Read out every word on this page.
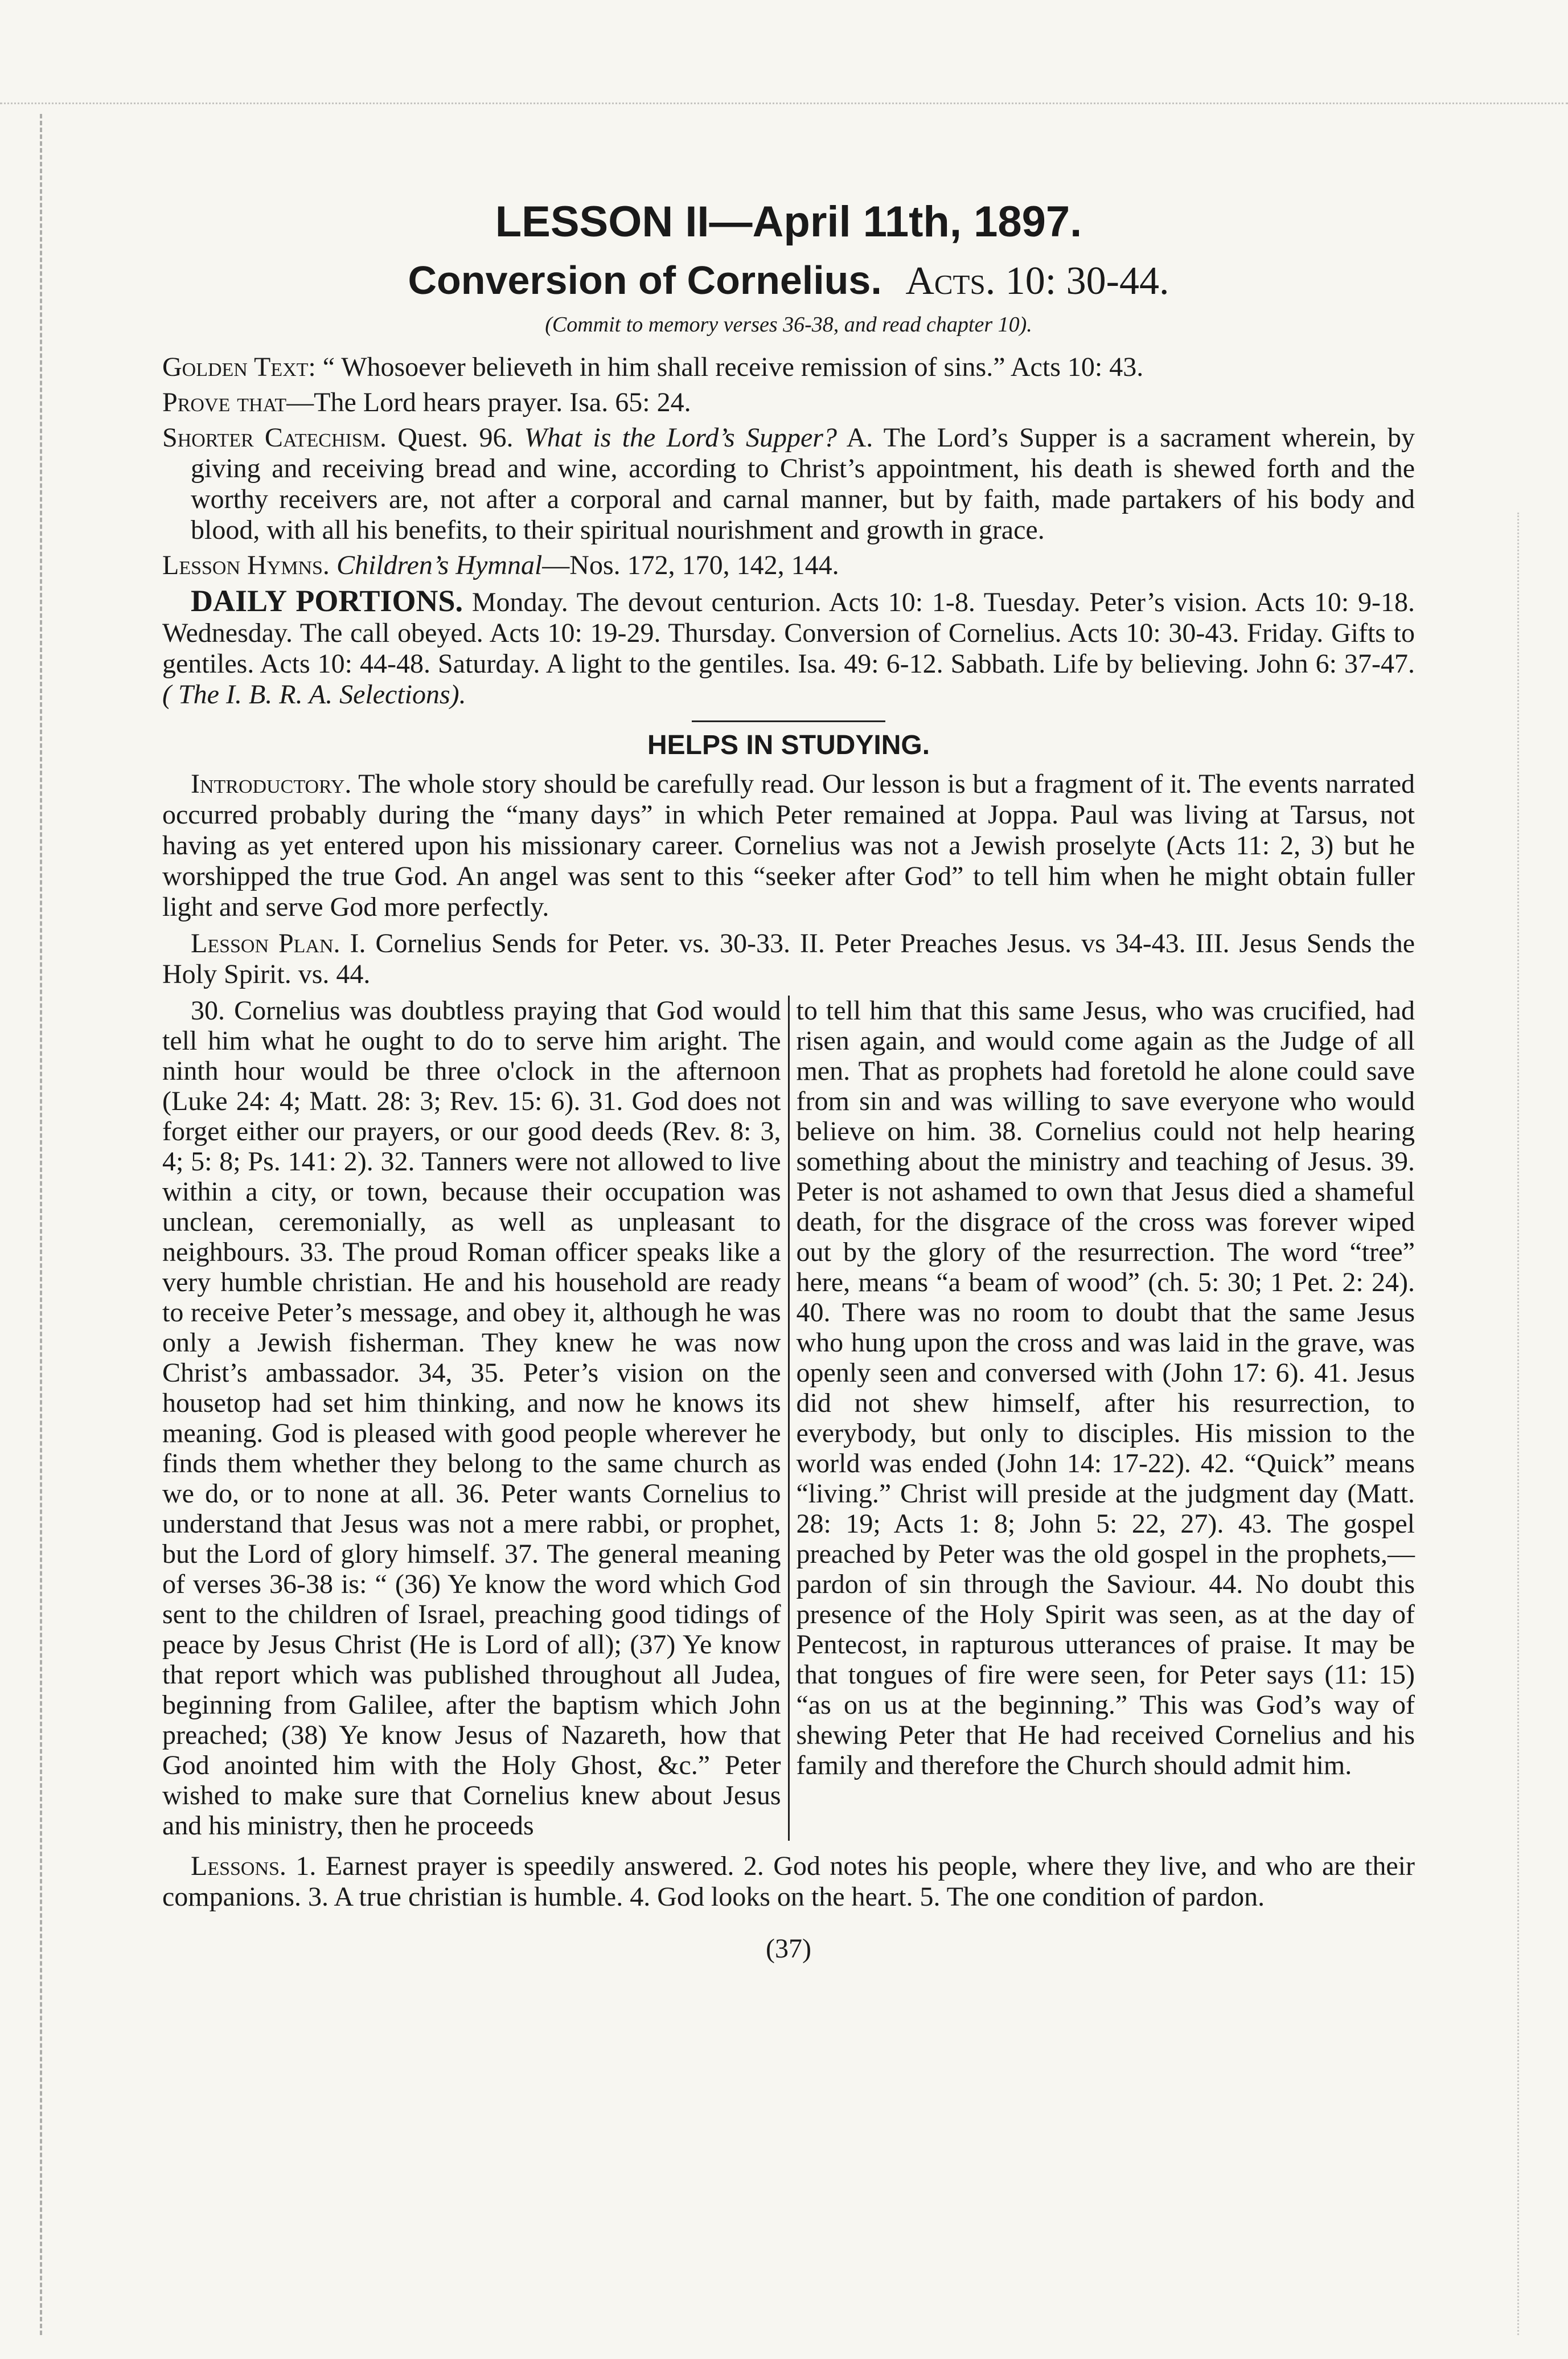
LESSON II—April 11th, 1897.
Conversion of Cornelius. Acts. 10: 30-44.
(Commit to memory verses 36-38, and read chapter 10).

Golden Text: “ Whosoever believeth in him shall receive remission of sins.” Acts 10: 43.

Prove that—The Lord hears prayer. Isa. 65: 24.

Shorter Catechism. Quest. 96. What is the Lord’s Supper? A. The Lord’s Supper is a sacrament wherein, by giving and receiving bread and wine, according to Christ’s appointment, his death is shewed forth and the worthy receivers are, not after a corporal and carnal manner, but by faith, made partakers of his body and blood, with all his benefits, to their spiritual nourishment and growth in grace.

Lesson Hymns. Children’s Hymnal—Nos. 172, 170, 142, 144.

DAILY PORTIONS. Monday. The devout centurion. Acts 10: 1-8. Tuesday. Peter’s vision. Acts 10: 9-18. Wednesday. The call obeyed. Acts 10: 19-29. Thursday. Conversion of Cornelius. Acts 10: 30-43. Friday. Gifts to gentiles. Acts 10: 44-48. Saturday. A light to the gentiles. Isa. 49: 6-12. Sabbath. Life by believing. John 6: 37-47. ( The I. B. R. A. Selections).

HELPS IN STUDYING.

Introductory. The whole story should be carefully read. Our lesson is but a fragment of it. The events narrated occurred probably during the “many days” in which Peter remained at Joppa. Paul was living at Tarsus, not having as yet entered upon his missionary career. Cornelius was not a Jewish proselyte (Acts 11: 2, 3) but he worshipped the true God. An angel was sent to this “seeker after God” to tell him when he might obtain fuller light and serve God more perfectly.

Lesson Plan. I. Cornelius Sends for Peter. vs. 30-33. II. Peter Preaches Jesus. vs 34-43. III. Jesus Sends the Holy Spirit. vs. 44.

30. Cornelius was doubtless praying that God would tell him what he ought to do to serve him aright. The ninth hour would be three o'clock in the afternoon (Luke 24: 4; Matt. 28: 3; Rev. 15: 6). 31. God does not forget either our prayers, or our good deeds (Rev. 8: 3, 4; 5: 8; Ps. 141: 2). 32. Tanners were not allowed to live within a city, or town, because their occupation was unclean, ceremonially, as well as unpleasant to neighbours. 33. The proud Roman officer speaks like a very humble christian. He and his household are ready to receive Peter’s message, and obey it, although he was only a Jewish fisherman. They knew he was now Christ’s ambassador. 34, 35. Peter’s vision on the housetop had set him thinking, and now he knows its meaning. God is pleased with good people wherever he finds them whether they belong to the same church as we do, or to none at all. 36. Peter wants Cornelius to understand that Jesus was not a mere rabbi, or prophet, but the Lord of glory himself. 37. The general meaning of verses 36-38 is: “ (36) Ye know the word which God sent to the children of Israel, preaching good tidings of peace by Jesus Christ (He is Lord of all); (37) Ye know that report which was published throughout all Judea, beginning from Galilee, after the baptism which John preached; (38) Ye know Jesus of Nazareth, how that God anointed him with the Holy Ghost, &c.” Peter wished to make sure that Cornelius knew about Jesus and his ministry, then he proceeds
to tell him that this same Jesus, who was crucified, had risen again, and would come again as the Judge of all men. That as prophets had foretold he alone could save from sin and was willing to save everyone who would believe on him. 38. Cornelius could not help hearing something about the ministry and teaching of Jesus. 39. Peter is not ashamed to own that Jesus died a shameful death, for the disgrace of the cross was forever wiped out by the glory of the resurrection. The word “tree” here, means “a beam of wood” (ch. 5: 30; 1 Pet. 2: 24). 40. There was no room to doubt that the same Jesus who hung upon the cross and was laid in the grave, was openly seen and conversed with (John 17: 6). 41. Jesus did not shew himself, after his resurrection, to everybody, but only to disciples. His mission to the world was ended (John 14: 17-22). 42. “Quick” means “living.” Christ will preside at the judgment day (Matt. 28: 19; Acts 1: 8; John 5: 22, 27). 43. The gospel preached by Peter was the old gospel in the prophets,—pardon of sin through the Saviour. 44. No doubt this presence of the Holy Spirit was seen, as at the day of Pentecost, in rapturous utterances of praise. It may be that tongues of fire were seen, for Peter says (11: 15) “as on us at the beginning.” This was God’s way of shewing Peter that He had received Cornelius and his family and therefore the Church should admit him.

Lessons. 1. Earnest prayer is speedily answered. 2. God notes his people, where they live, and who are their companions. 3. A true christian is humble. 4. God looks on the heart. 5. The one condition of pardon.

(37)
